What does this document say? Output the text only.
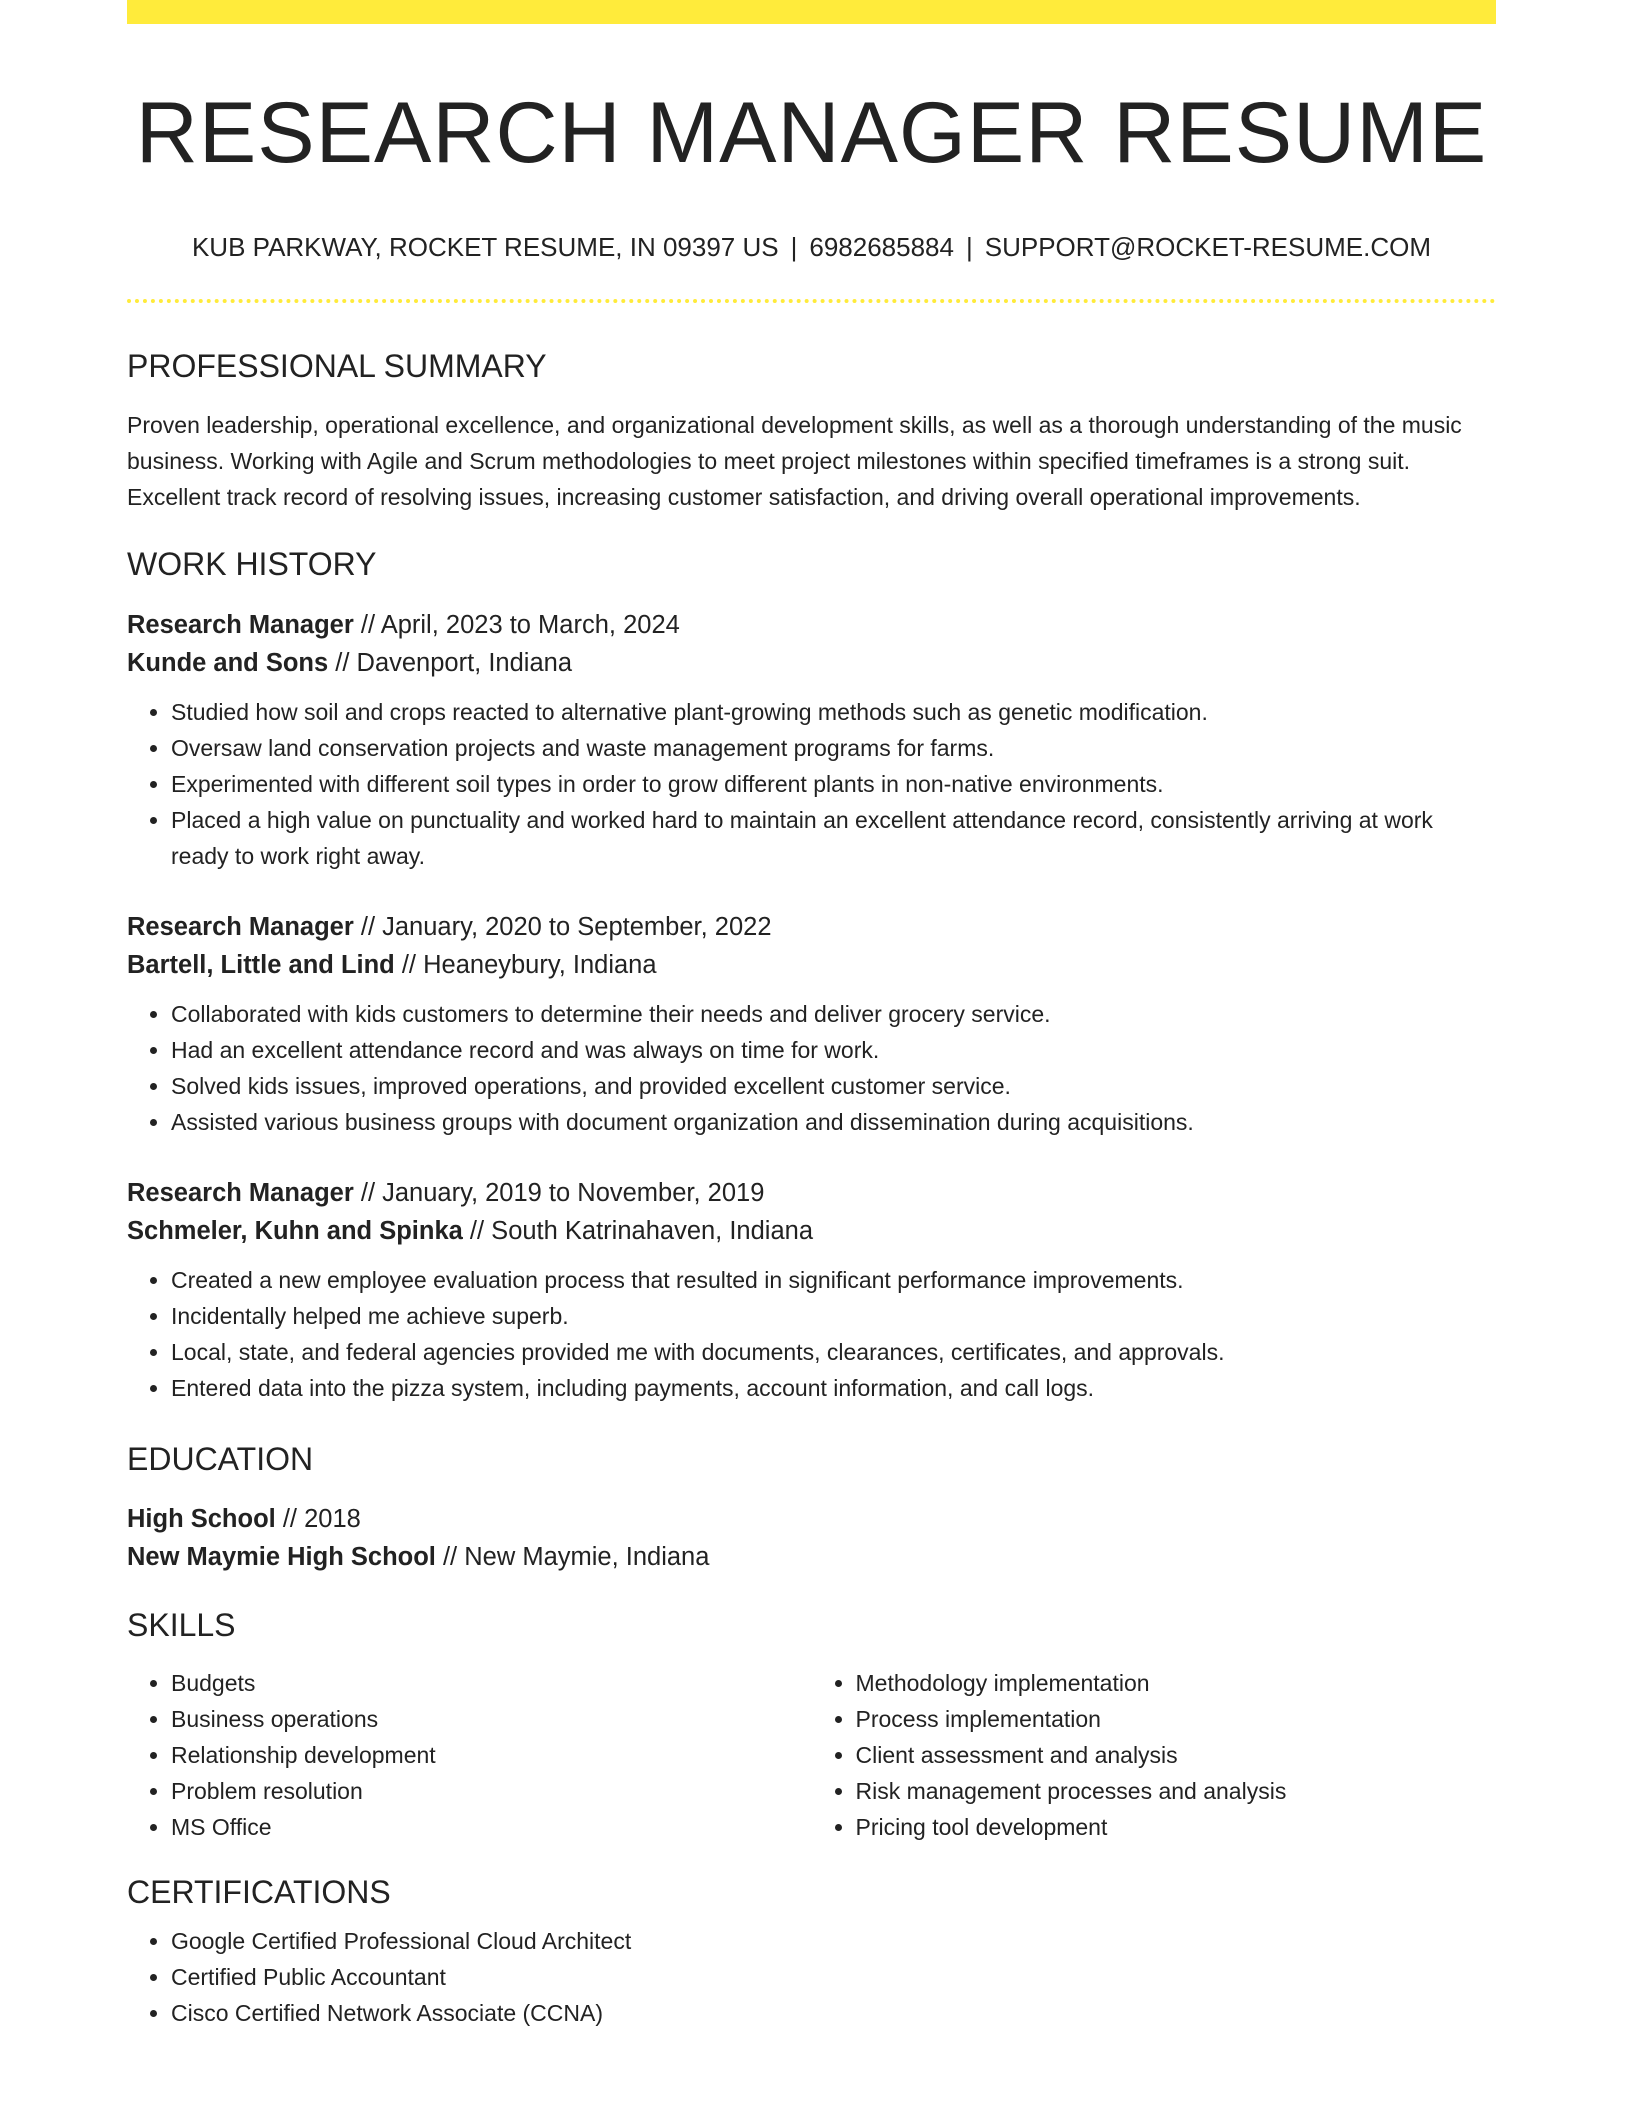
RESEARCH MANAGER RESUME
KUB PARKWAY, ROCKET RESUME, IN 09397 US | 6982685884 | SUPPORT@ROCKET-RESUME.COM
PROFESSIONAL SUMMARY
Proven leadership, operational excellence, and organizational development skills, as well as a thorough understanding of the music business. Working with Agile and Scrum methodologies to meet project milestones within specified timeframes is a strong suit. Excellent track record of resolving issues, increasing customer satisfaction, and driving overall operational improvements.
WORK HISTORY
Research Manager // April, 2023 to March, 2024
Kunde and Sons // Davenport, Indiana
• Studied how soil and crops reacted to alternative plant-growing methods such as genetic modification.
• Oversaw land conservation projects and waste management programs for farms.
• Experimented with different soil types in order to grow different plants in non-native environments.
• Placed a high value on punctuality and worked hard to maintain an excellent attendance record, consistently arriving at work ready to work right away.
Research Manager // January, 2020 to September, 2022
Bartell, Little and Lind // Heaneybury, Indiana
• Collaborated with kids customers to determine their needs and deliver grocery service.
• Had an excellent attendance record and was always on time for work.
• Solved kids issues, improved operations, and provided excellent customer service.
• Assisted various business groups with document organization and dissemination during acquisitions.
Research Manager // January, 2019 to November, 2019
Schmeler, Kuhn and Spinka // South Katrinahaven, Indiana
• Created a new employee evaluation process that resulted in significant performance improvements.
• Incidentally helped me achieve superb.
• Local, state, and federal agencies provided me with documents, clearances, certificates, and approvals.
• Entered data into the pizza system, including payments, account information, and call logs.
EDUCATION
High School // 2018
New Maymie High School // New Maymie, Indiana
SKILLS
• Budgets
• Business operations
• Relationship development
• Problem resolution
• MS Office
• Methodology implementation
• Process implementation
• Client assessment and analysis
• Risk management processes and analysis
• Pricing tool development
CERTIFICATIONS
• Google Certified Professional Cloud Architect
• Certified Public Accountant
• Cisco Certified Network Associate (CCNA)
